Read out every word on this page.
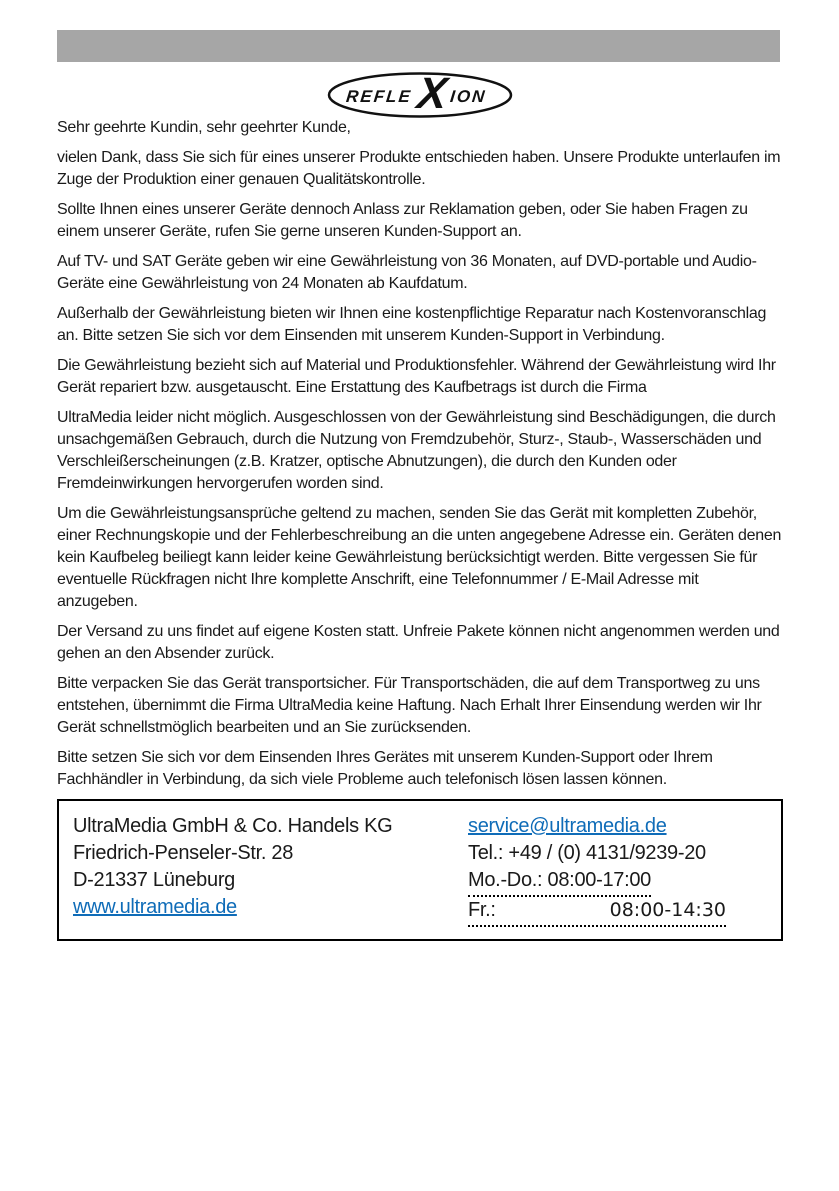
REFLE X ION

Sehr geehrte Kundin, sehr geehrter Kunde,

vielen Dank, dass Sie sich für eines unserer Produkte entschieden haben. Unsere Produkte unterlaufen im Zuge der Produktion einer genauen Qualitätskontrolle.

Sollte Ihnen eines unserer Geräte dennoch Anlass zur Reklamation geben, oder Sie haben Fragen zu einem unserer Geräte, rufen Sie gerne unseren Kunden-Support an.

Auf TV- und SAT Geräte geben wir eine Gewährleistung von 36 Monaten, auf DVD-portable und Audio-Geräte eine Gewährleistung von 24 Monaten ab Kaufdatum.

Außerhalb der Gewährleistung bieten wir Ihnen eine kostenpflichtige Reparatur nach Kostenvoranschlag an. Bitte setzen Sie sich vor dem Einsenden mit unserem Kunden-Support in Verbindung.

Die Gewährleistung bezieht sich auf Material und Produktionsfehler. Während der Gewährleistung wird Ihr Gerät repariert bzw. ausgetauscht. Eine Erstattung des Kaufbetrags ist durch die Firma

UltraMedia leider nicht möglich. Ausgeschlossen von der Gewährleistung sind Beschädigungen, die durch unsachgemäßen Gebrauch, durch die Nutzung von Fremdzubehör, Sturz-, Staub-, Wasserschäden und Verschleißerscheinungen (z.B. Kratzer, optische Abnutzungen), die durch den Kunden oder Fremdeinwirkungen hervorgerufen worden sind.

Um die Gewährleistungsansprüche geltend zu machen, senden Sie das Gerät mit kompletten Zubehör, einer Rechnungskopie und der Fehlerbeschreibung an die unten angegebene Adresse ein. Geräten denen kein Kaufbeleg beiliegt kann leider keine Gewährleistung berücksichtigt werden. Bitte vergessen Sie für eventuelle Rückfragen nicht Ihre komplette Anschrift, eine Telefonnummer / E-Mail Adresse mit anzugeben.

Der Versand zu uns findet auf eigene Kosten statt. Unfreie Pakete können nicht angenommen werden und gehen an den Absender zurück.

Bitte verpacken Sie das Gerät transportsicher. Für Transportschäden, die auf dem Transportweg zu uns entstehen, übernimmt die Firma UltraMedia keine Haftung. Nach Erhalt Ihrer Einsendung werden wir Ihr Gerät schnellstmöglich bearbeiten und an Sie zurücksenden.

Bitte setzen Sie sich vor dem Einsenden Ihres Gerätes mit unserem Kunden-Support oder Ihrem Fachhändler in Verbindung, da sich viele Probleme auch telefonisch lösen lassen können.

UltraMedia GmbH & Co. Handels KG
Friedrich-Penseler-Str. 28
D-21337 Lüneburg
www.ultramedia.de
service@ultramedia.de
Tel.: +49 / (0) 4131/9239-20
Mo.-Do.: 08:00-17:00
Fr.:	08:00-14:30
